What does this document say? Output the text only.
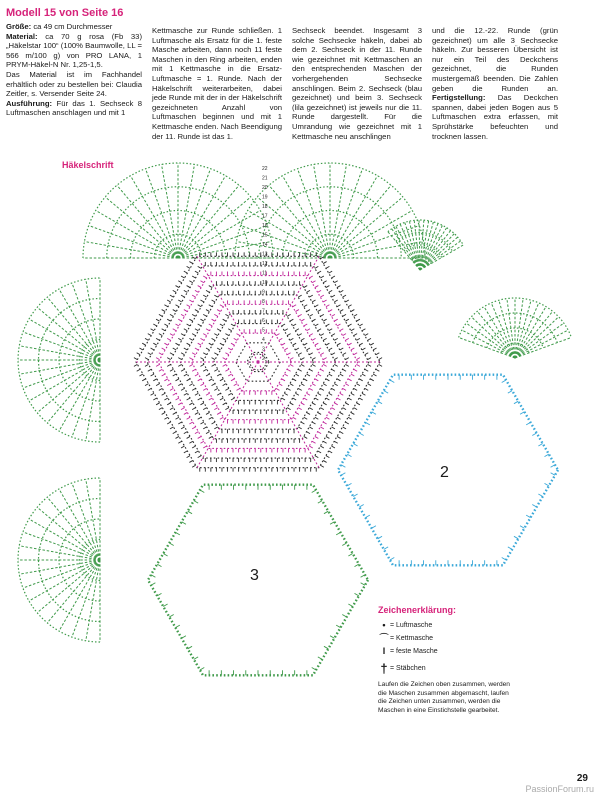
Modell 15 von Seite 16

Größe: ca 49 cm Durchmesser

Material: ca 70 g rosa (Fb 33) „Häkelstar 100“ (100% Baumwolle, LL = 566 m/100 g) von PRO LANA, 1 PRYM-Häkel-N Nr. 1,25-1,5.

Das Material ist im Fachhandel erhältlich oder zu bestellen bei: Claudia Zeitler, s. Versender Seite 24.

Ausführung: Für das 1. Sechseck 8 Luftmaschen anschlagen und mit 1

Kettmasche zur Runde schließen. 1 Luftmasche als Ersatz für die 1. feste Masche arbeiten, dann noch 11 feste Maschen in den Ring arbeiten, enden mit 1 Kettmasche in die Ersatz-Luftmasche = 1. Runde. Nach der Häkelschrift weiterarbeiten, dabei jede Runde mit der in der Häkelschrift gezeichneten Anzahl von Luftmaschen beginnen und mit 1 Kettmasche enden. Nach Beendigung der 11. Runde ist das 1.

Sechseck beendet. Insgesamt 3 solche Sechsecke häkeln, dabei ab dem 2. Sechseck in der 11. Runde wie gezeichnet mit Kettmaschen an den entsprechenden Maschen der vorhergehenden Sechsecke anschlingen. Beim 2. Sechseck (blau gezeichnet) und beim 3. Sechseck (lila gezeichnet) ist jeweils nur die 11. Runde dargestellt. Für die Umrandung wie gezeichnet mit 1 Kettmasche neu anschlingen

und die 12.-22. Runde (grün gezeichnet) um alle 3 Sechsecke häkeln. Zur besseren Übersicht ist nur ein Teil des Deckchens gezeichnet, die Runden mustergemäß beenden. Die Zahlen geben die Runden an. Fertigstellung: Das Deckchen spannen, dabei jeden Bogen aus 5 Luftmaschen extra erfassen, mit Sprühstärke befeuchten und trocknen lassen.

Häkelschrift	22
21
20
19
18
17
16
15
14
13
12
11
10
9
8
7
6
5
4
3
2
2
3
Zeichenerklärung:
• = Luftmasche
⌒ = Kettmasche
I = feste Masche
† = Stäbchen
Laufen die Zeichen oben zusammen, werden die Maschen zusammen abgemascht, laufen die Zeichen unten zusammen, werden die Maschen in eine Einstichstelle gearbeitet.
29
PassionForum.ru
